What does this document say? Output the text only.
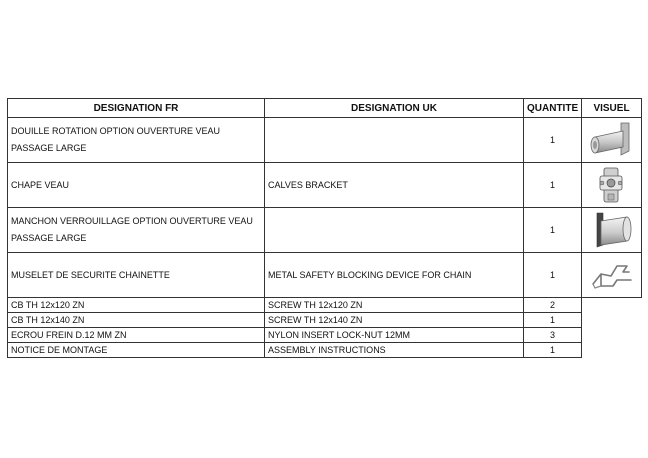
DESIGNATION FR	DESIGNATION UK	QUANTITE	VISUEL

DOUILLE ROTATION OPTION OUVERTURE VEAU
PASSAGE LARGE		1	

CHAPE VEAU	CALVES BRACKET	1	

MANCHON VERROUILLAGE OPTION OUVERTURE VEAU
PASSAGE LARGE		1	

MUSELET DE SECURITE CHAINETTE	METAL SAFETY BLOCKING DEVICE FOR CHAIN	1	

CB TH 12x120 ZN	SCREW TH 12x120 ZN	2	
CB TH 12x140 ZN	SCREW TH 12x140 ZN	1	
ECROU FREIN D.12 MM ZN	NYLON INSERT LOCK-NUT 12MM	3	
NOTICE DE MONTAGE	ASSEMBLY INSTRUCTIONS	1	
